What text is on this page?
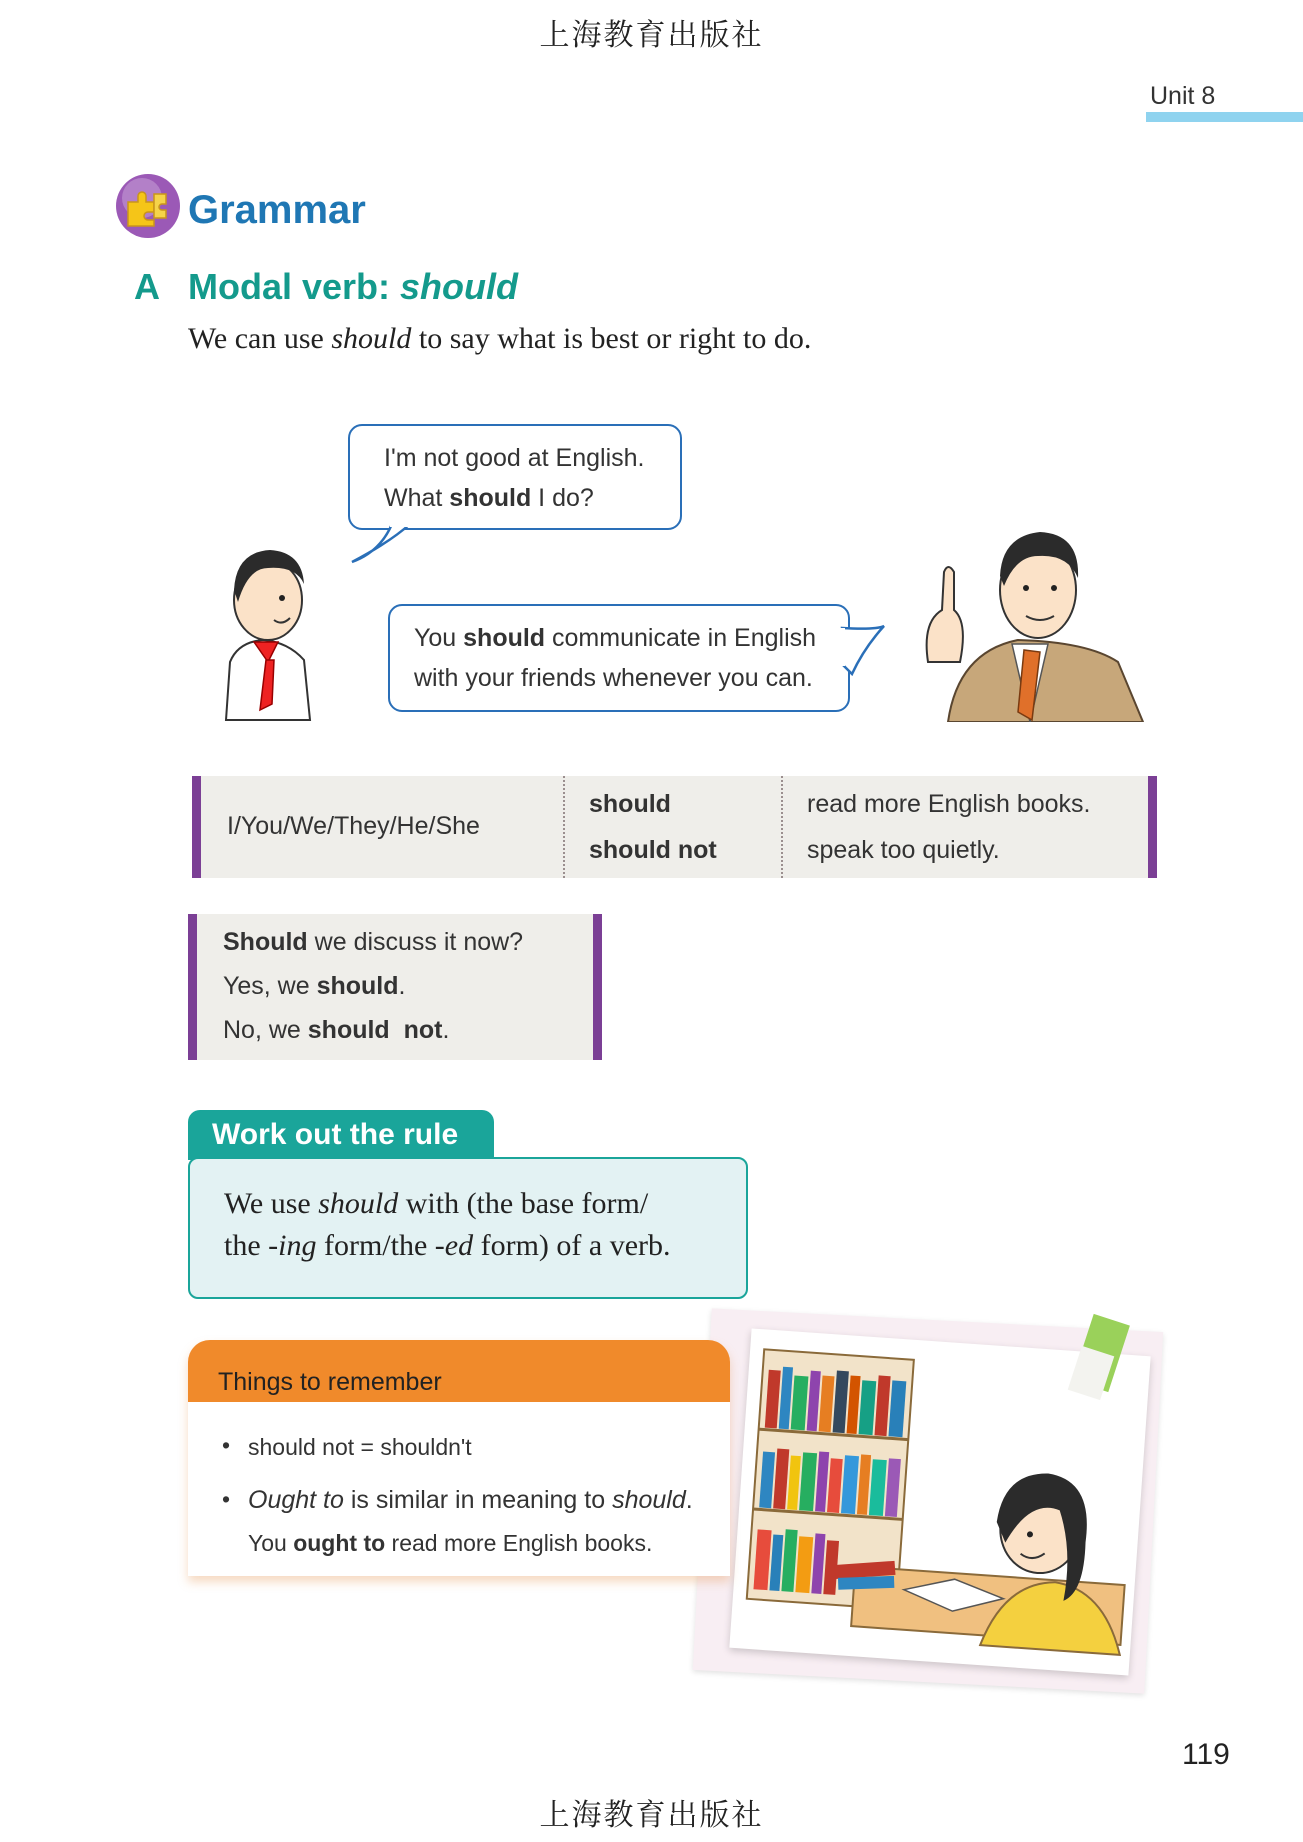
上海教育出版社
Unit 8
Grammar
A Modal verb: should
We can use should to say what is best or right to do.
I'm not good at English.
What should I do?
You should communicate in English
with your friends whenever you can.
I/You/We/They/He/She
should
should not
read more English books.
speak too quietly.
Should we discuss it now?
Yes, we should.
No, we should  not.
Work out the rule
We use should with (the base form/
the -ing form/the -ed form) of a verb.
Things to remember
• should not = shouldn't
• Ought to is similar in meaning to should.
You ought to read more English books.
119
上海教育出版社
